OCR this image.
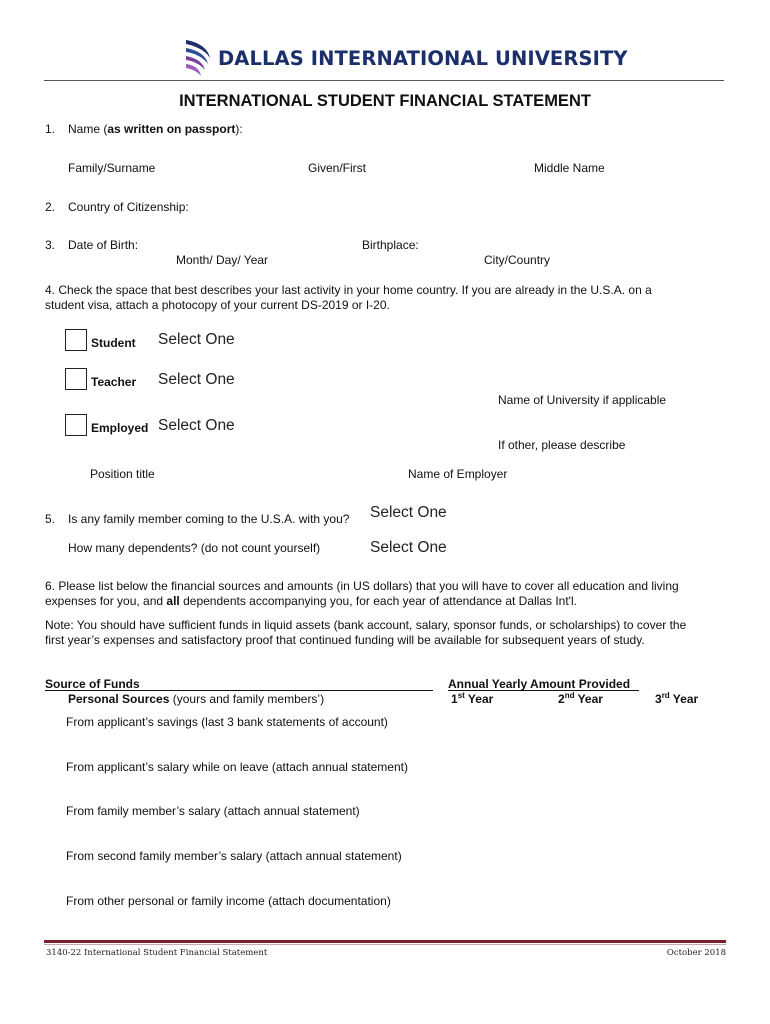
DALLAS INTERNATIONAL UNIVERSITY
INTERNATIONAL STUDENT FINANCIAL STATEMENT
1. Name (as written on passport):
Family/Surname	Given/First	Middle Name
2. Country of Citizenship:
3. Date of Birth:	Birthplace:
Month/ Day/ Year	City/Country
4. Check the space that best describes your last activity in your home country. If you are already in the U.S.A. on a
student visa, attach a photocopy of your current DS-2019 or I-20.
Student Select One
Teacher Select One
Name of University if applicable
Employed Select One
If other, please describe
Position title	Name of Employer
5. Is any family member coming to the U.S.A. with you? Select One
How many dependents? (do not count yourself)	Select One
6. Please list below the financial sources and amounts (in US dollars) that you will have to cover all education and living
expenses for you, and all dependents accompanying you, for each year of attendance at Dallas Int'l.
Note: You should have sufficient funds in liquid assets (bank account, salary, sponsor funds, or scholarships) to cover the
first year’s expenses and satisfactory proof that continued funding will be available for subsequent years of study.
Source of Funds	Annual Yearly Amount Provided
Personal Sources (yours and family members’)	1st Year	2nd Year	3rd Year
From applicant’s savings (last 3 bank statements of account)
From applicant’s salary while on leave (attach annual statement)
From family member’s salary (attach annual statement)
From second family member’s salary (attach annual statement)
From other personal or family income (attach documentation)
3140-22 International Student Financial Statement	October 2018
